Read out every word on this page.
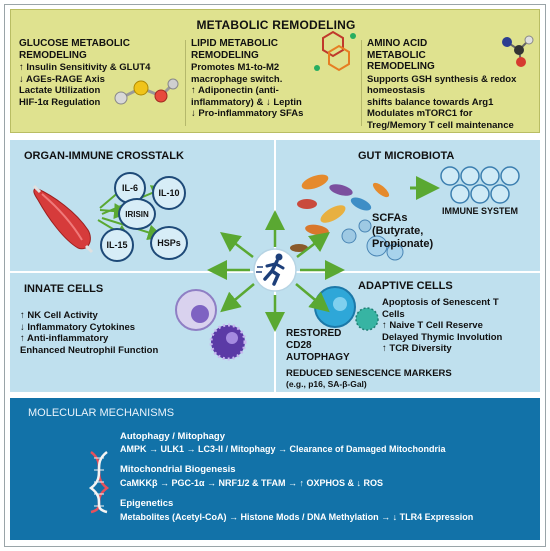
METABOLIC REMODELING
GLUCOSE METABOLIC REMODELING
↑ Insulin Sensitivity & GLUT4
↓ AGEs-RAGE Axis
Lactate Utilization
HIF-1α Regulation
LIPID METABOLIC REMODELING
Promotes M1-to-M2
macrophage switch.
↑ Adiponectin (anti-
inflammatory) & ↓ Leptin
↓ Pro-inflammatory SFAs
AMINO ACID METABOLIC REMODELING
Supports GSH synthesis & redox
homeostasis
shifts balance towards Arg1
Modulates mTORC1 for
Treg/Memory T cell maintenance
ORGAN-IMMUNE CROSSTALK
IL-6	IL-10
IRISIN
IL-15	HSPs
GUT MICROBIOTA
IMMUNE SYSTEM
SCFAs
(Butyrate,
Propionate)
INNATE CELLS
↑ NK Cell Activity
↓ Inflammatory Cytokines
↑ Anti-inflammatory
Enhanced Neutrophil Function
ADAPTIVE CELLS
Apoptosis of Senescent T
Cells
↑ Naive T Cell Reserve
Delayed Thymic Involution
↑ TCR Diversity
RESTORED
CD28
AUTOPHAGY
REDUCED SENESCENCE MARKERS
(e.g., p16, SA-β-Gal)
MOLECULAR MECHANISMS
Autophagy / Mitophagy
AMPK → ULK1 → LC3-II / Mitophagy → Clearance of Damaged Mitochondria
Mitochondrial Biogenesis
CaMKKβ → PGC-1α → NRF1/2 & TFAM → ↑ OXPHOS & ↓ ROS
Epigenetics
Metabolites (Acetyl-CoA) → Histone Mods / DNA Methylation → ↓ TLR4 Expression
